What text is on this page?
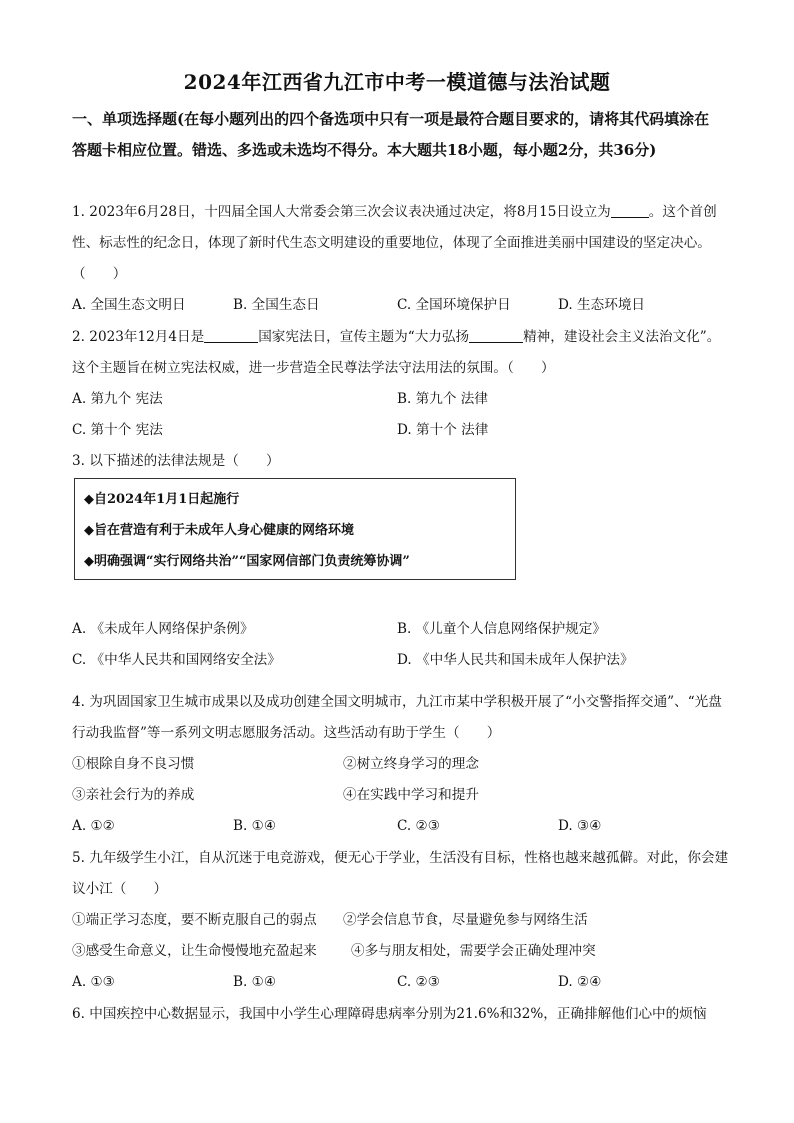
2024年江西省九江市中考一模道德与法治试题
一、单项选择题(在每小题列出的四个备选项中只有一项是最符合题目要求的，请将其代码填涂在答题卡相应位置。错选、多选或未选均不得分。本大题共18小题，每小题2分，共36分)
1. 2023年6月28日，十四届全国人大常委会第三次会议表决通过决定，将8月15日设立为	。这个首创性、标志性的纪念日，体现了新时代生态文明建设的重要地位，体现了全面推进美丽中国建设的坚定决心。（　　）
A. 全国生态文明日	B. 全国生态日	C. 全国环境保护日	D. 生态环境日
2. 2023年12月4日是	国家宪法日，宣传主题为“大力弘扬	精神，建设社会主义法治文化”。这个主题旨在树立宪法权威，进一步营造全民尊法学法守法用法的氛围。（　　）
A. 第九个 宪法	B. 第九个 法律
C. 第十个 宪法	D. 第十个 法律
3. 以下描述的法律法规是（　　）
◆自2024年1月1日起施行
◆旨在营造有利于未成年人身心健康的网络环境
◆明确强调“实行网络共治”“国家网信部门负责统筹协调”
A. 《未成年人网络保护条例》	B. 《儿童个人信息网络保护规定》
C. 《中华人民共和国网络安全法》	D. 《中华人民共和国未成年人保护法》
4. 为巩固国家卫生城市成果以及成功创建全国文明城市，九江市某中学积极开展了“小交警指挥交通”、“光盘行动我监督”等一系列文明志愿服务活动。这些活动有助于学生（　　）
①根除自身不良习惯	②树立终身学习的理念
③亲社会行为的养成	④在实践中学习和提升
A. ①②	B. ①④	C. ②③	D. ③④
5. 九年级学生小江，自从沉迷于电竞游戏，便无心于学业，生活没有目标，性格也越来越孤僻。对此，你会建议小江（　　）
①端正学习态度，要不断克服自己的弱点 ②学会信息节食，尽量避免参与网络生活
③感受生命意义，让生命慢慢地充盈起来	④多与朋友相处，需要学会正确处理冲突
A. ①③	B. ①④	C. ②③	D. ②④
6. 中国疾控中心数据显示，我国中小学生心理障碍患病率分别为21.6%和32%，正确排解他们心中的烦恼
